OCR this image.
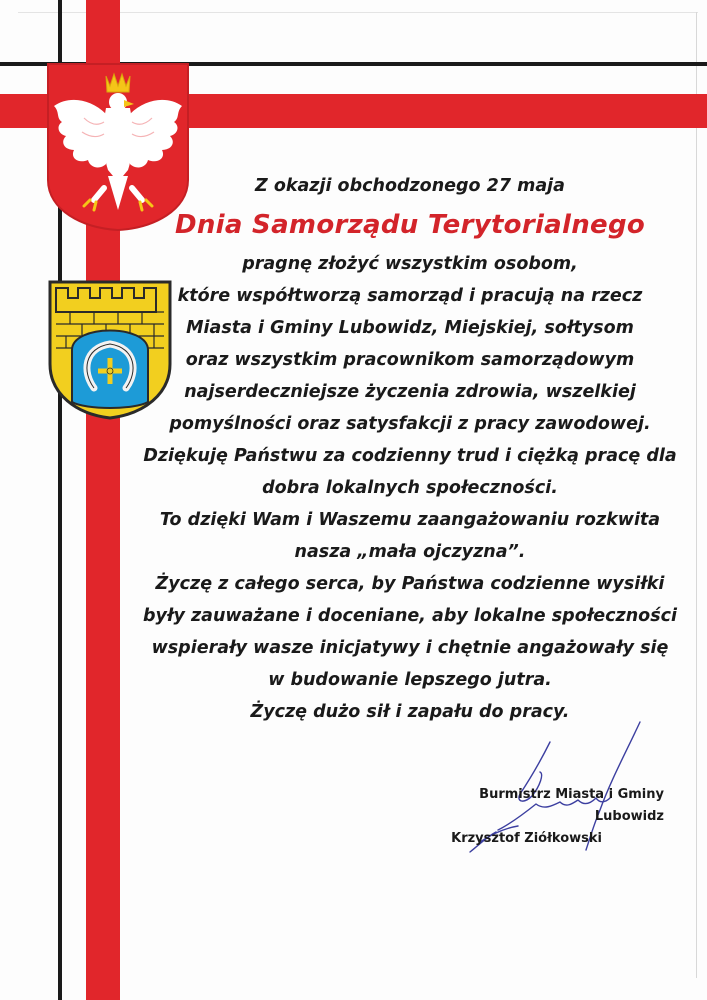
Z okazji obchodzonego 27 maja
Dnia Samorządu Terytorialnego
pragnę złożyć wszystkim osobom,
które współtworzą samorząd i pracują na rzecz
Miasta i Gminy Lubowidz, Miejskiej, sołtysom
oraz wszystkim pracownikom samorządowym
najserdeczniejsze życzenia zdrowia, wszelkiej
pomyślności oraz satysfakcji z pracy zawodowej.
Dziękuję Państwu za codzienny trud i ciężką pracę dla
dobra lokalnych społeczności.
To dzięki Wam i Waszemu zaangażowaniu rozkwita
nasza „mała ojczyzna”.
Życzę z całego serca, by Państwa codzienne wysiłki
były zauważane i doceniane, aby lokalne społeczności
wspierały wasze inicjatywy i chętnie angażowały się
w budowanie lepszego jutra.
Życzę dużo sił i zapału do pracy.
Burmistrz Miasta i Gminy Lubowidz
Krzysztof Ziółkowski
